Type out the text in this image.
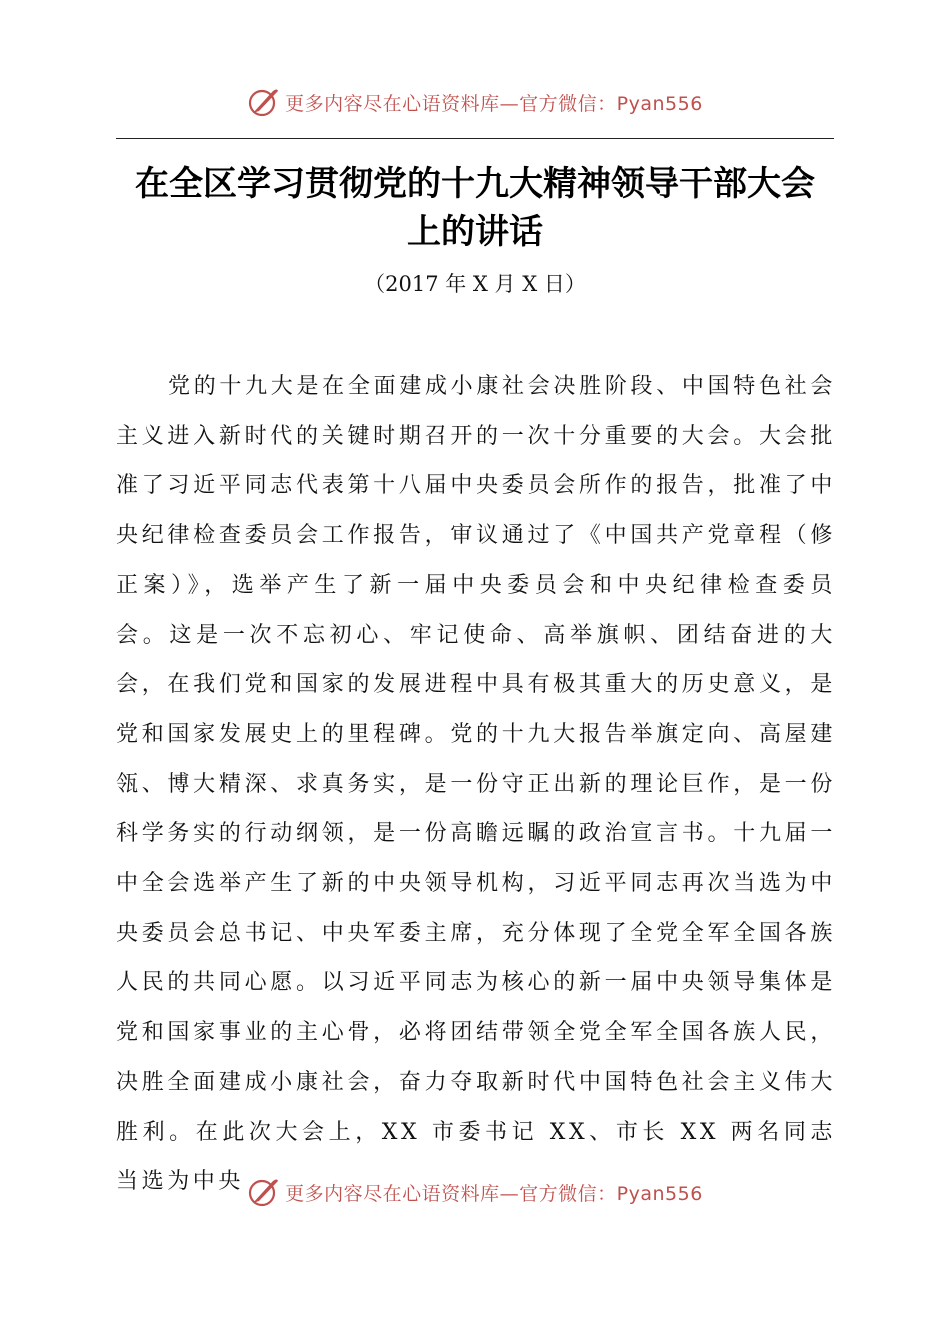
更多内容尽在心语资料库—官方微信：Pyan556
在全区学习贯彻党的十九大精神领导干部大会
上的讲话
（2017 年 X 月 X 日）

党的十九大是在全面建成小康社会决胜阶段、中国特色社会主义进入新时代的关键时期召开的一次十分重要的大会。大会批准了习近平同志代表第十八届中央委员会所作的报告，批准了中央纪律检查委员会工作报告，审议通过了《中国共产党章程（修正案）》，选举产生了新一届中央委员会和中央纪律检查委员会。这是一次不忘初心、牢记使命、高举旗帜、团结奋进的大会，在我们党和国家的发展进程中具有极其重大的历史意义，是党和国家发展史上的里程碑。党的十九大报告举旗定向、高屋建瓴、博大精深、求真务实，是一份守正出新的理论巨作，是一份科学务实的行动纲领，是一份高瞻远瞩的政治宣言书。十九届一中全会选举产生了新的中央领导机构，习近平同志再次当选为中央委员会总书记、中央军委主席，充分体现了全党全军全国各族人民的共同心愿。以习近平同志为核心的新一届中央领导集体是党和国家事业的主心骨，必将团结带领全党全军全国各族人民，决胜全面建成小康社会，奋力夺取新时代中国特色社会主义伟大胜利。在此次大会上，XX 市委书记 XX、市长 XX 两名同志当选为中央	更多内容尽在心语资料库—官方微信：Pyan556
